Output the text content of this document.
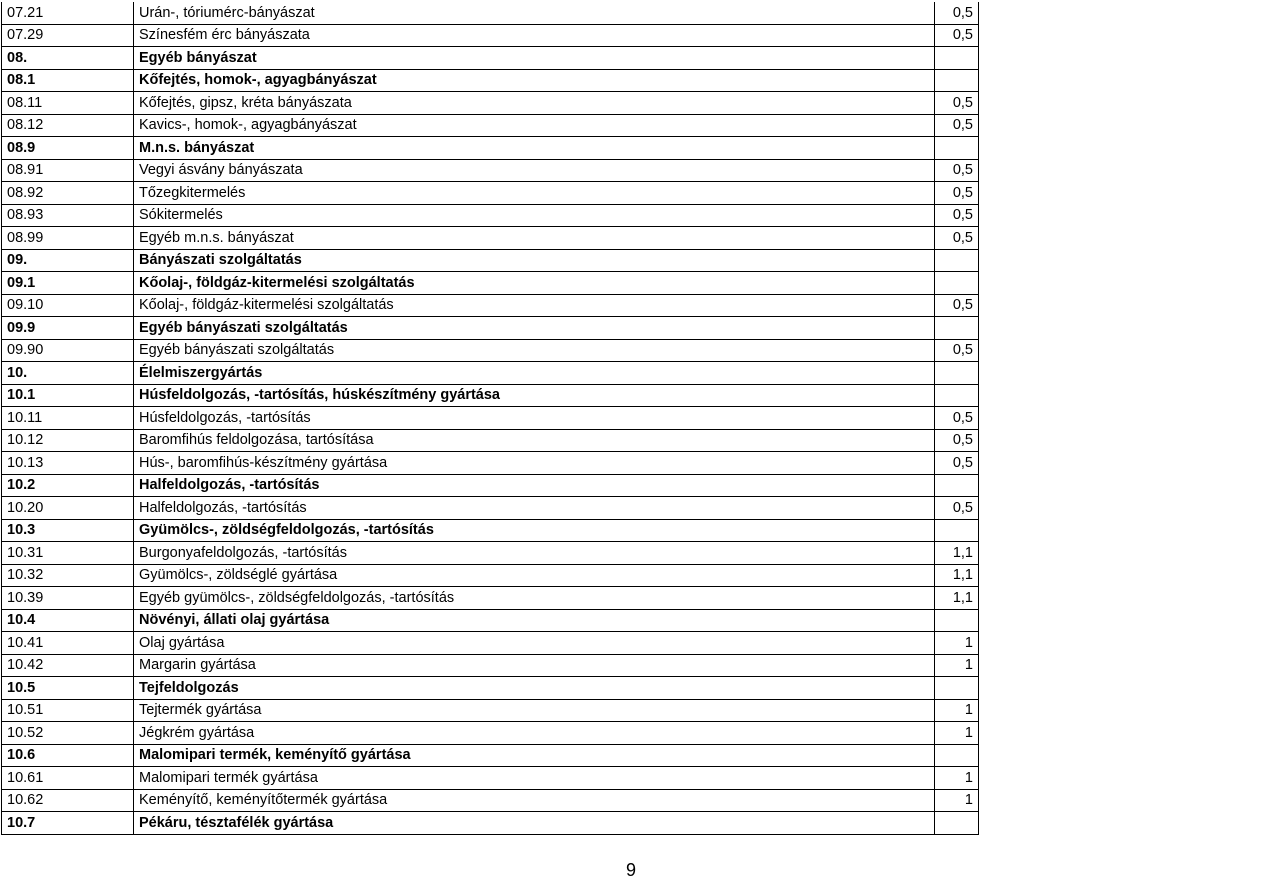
07.21	Urán-, tóriumérc-bányászat	0,5
07.29	Színesfém érc bányászata	0,5
08.	Egyéb bányászat	
08.1	Kőfejtés, homok-, agyagbányászat	
08.11	Kőfejtés, gipsz, kréta bányászata	0,5
08.12	Kavics-, homok-, agyagbányászat	0,5
08.9	M.n.s. bányászat	
08.91	Vegyi ásvány bányászata	0,5
08.92	Tőzegkitermelés	0,5
08.93	Sókitermelés	0,5
08.99	Egyéb m.n.s. bányászat	0,5
09.	Bányászati szolgáltatás	
09.1	Kőolaj-, földgáz-kitermelési szolgáltatás	
09.10	Kőolaj-, földgáz-kitermelési szolgáltatás	0,5
09.9	Egyéb bányászati szolgáltatás	
09.90	Egyéb bányászati szolgáltatás	0,5
10.	Élelmiszergyártás	
10.1	Húsfeldolgozás, -tartósítás, húskészítmény gyártása	
10.11	Húsfeldolgozás, -tartósítás	0,5
10.12	Baromfihús feldolgozása, tartósítása	0,5
10.13	Hús-, baromfihús-készítmény gyártása	0,5
10.2	Halfeldolgozás, -tartósítás	
10.20	Halfeldolgozás, -tartósítás	0,5
10.3	Gyümölcs-, zöldségfeldolgozás, -tartósítás	
10.31	Burgonyafeldolgozás, -tartósítás	1,1
10.32	Gyümölcs-, zöldséglé gyártása	1,1
10.39	Egyéb gyümölcs-, zöldségfeldolgozás, -tartósítás	1,1
10.4	Növényi, állati olaj gyártása	
10.41	Olaj gyártása	1
10.42	Margarin gyártása	1
10.5	Tejfeldolgozás	
10.51	Tejtermék gyártása	1
10.52	Jégkrém gyártása	1
10.6	Malomipari termék, keményítő gyártása	
10.61	Malomipari termék gyártása	1
10.62	Keményítő, keményítőtermék gyártása	1
10.7	Pékáru, tésztafélék gyártása	
9
